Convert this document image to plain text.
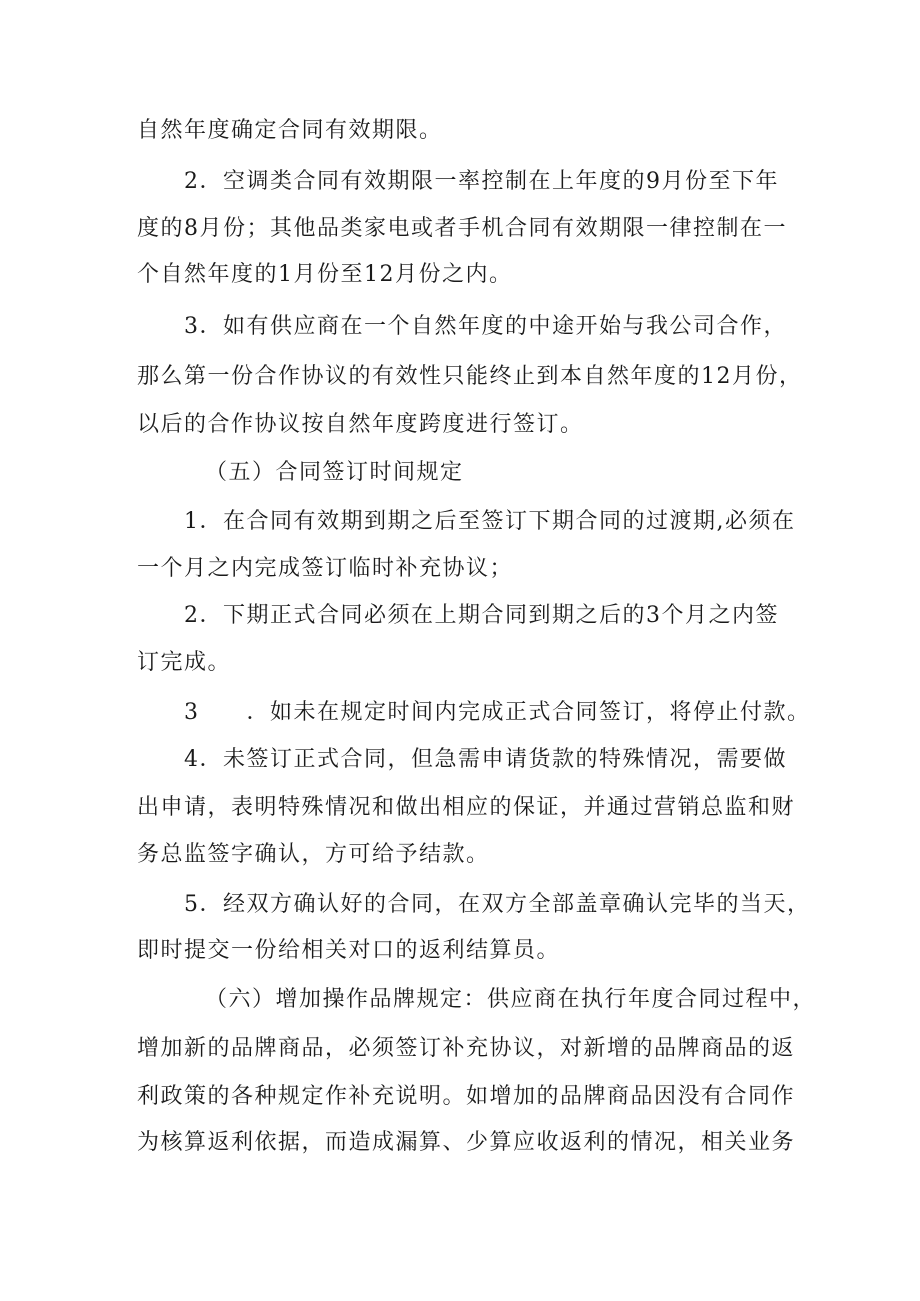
自然年度确定合同有效期限。
2．空调类合同有效期限一率控制在上年度的9月份至下年
度的8月份；其他品类家电或者手机合同有效期限一律控制在一
个自然年度的1月份至12月份之内。
3．如有供应商在一个自然年度的中途开始与我公司合作，
那么第一份合作协议的有效性只能终止到本自然年度的12月份，
以后的合作协议按自然年度跨度进行签订。
（五）合同签订时间规定
1．在合同有效期到期之后至签订下期合同的过渡期,必须在
一个月之内完成签订临时补充协议；
2．下期正式合同必须在上期合同到期之后的3个月之内签
订完成。
3　　．如未在规定时间内完成正式合同签订，将停止付款。
4．未签订正式合同，但急需申请货款的特殊情况，需要做
出申请，表明特殊情况和做出相应的保证，并通过营销总监和财
务总监签字确认，方可给予结款。
5．经双方确认好的合同，在双方全部盖章确认完毕的当天，
即时提交一份给相关对口的返利结算员。
（六）增加操作品牌规定：供应商在执行年度合同过程中，
增加新的品牌商品，必须签订补充协议，对新增的品牌商品的返
利政策的各种规定作补充说明。如增加的品牌商品因没有合同作
为核算返利依据，而造成漏算、少算应收返利的情况，相关业务
